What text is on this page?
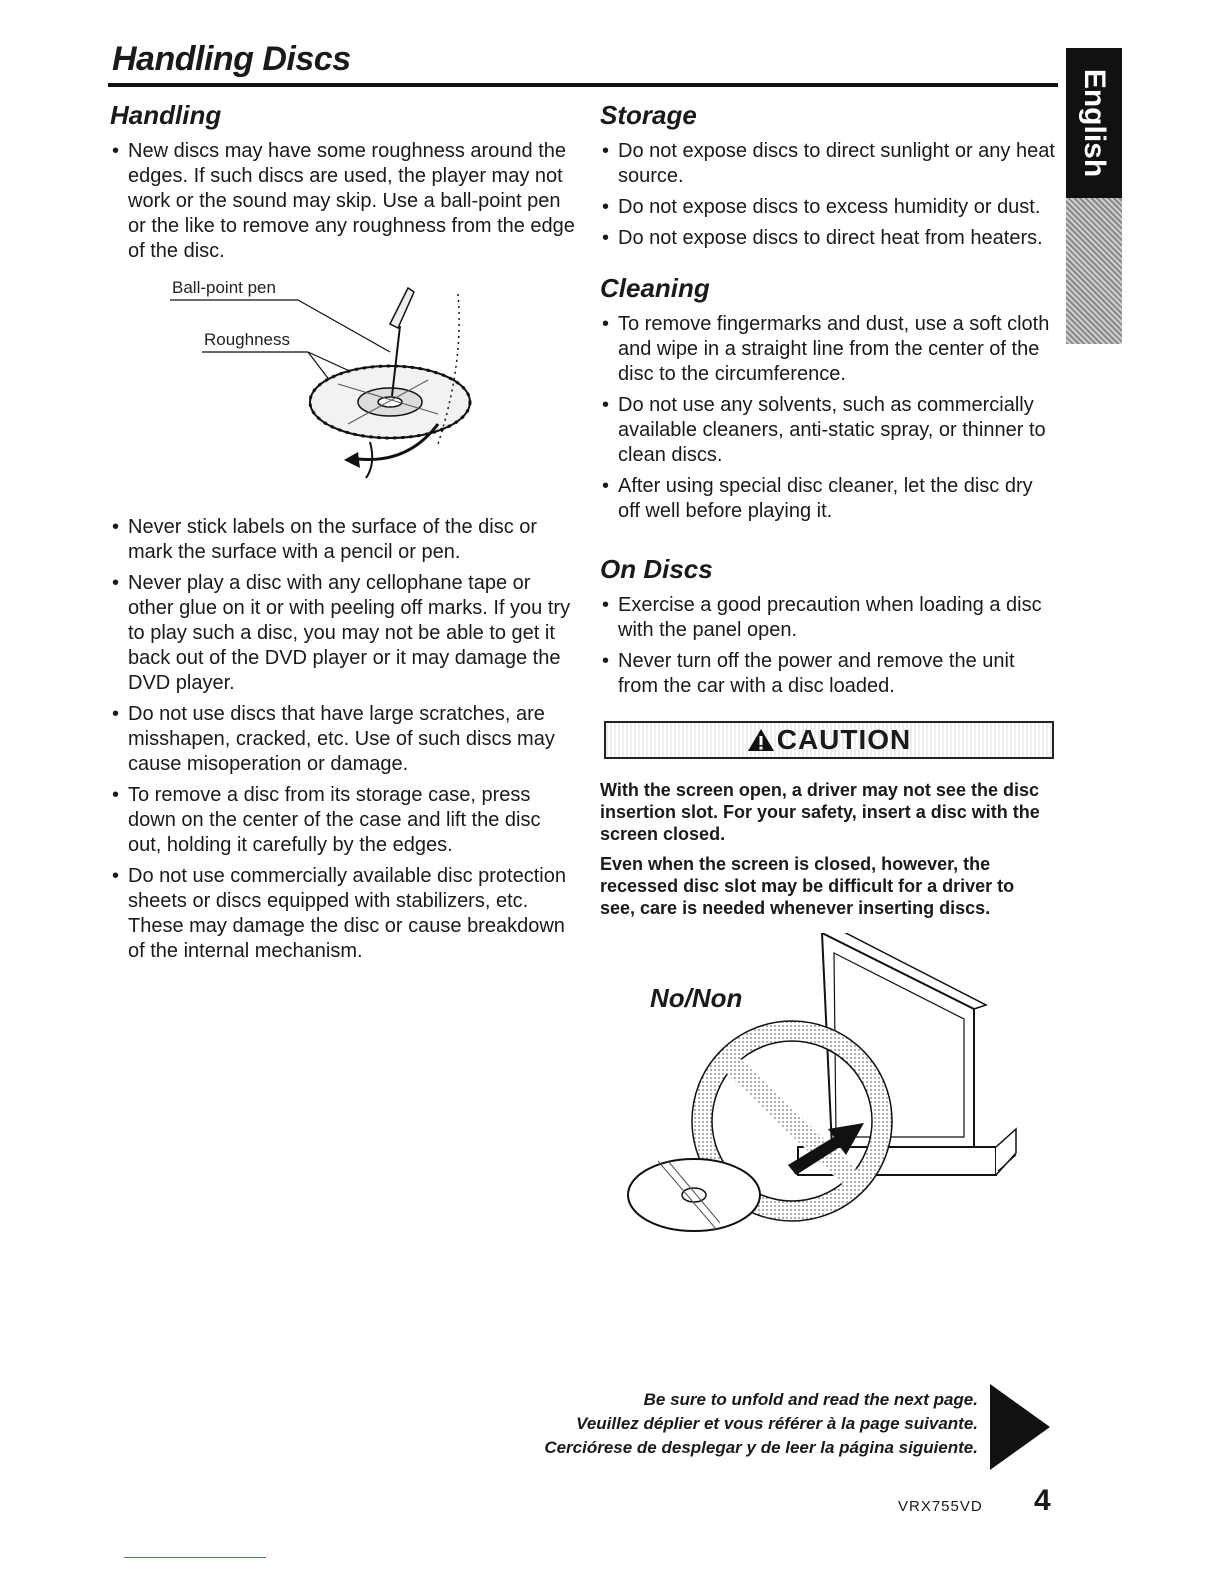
Handling Discs
English
Handling
• New discs may have some roughness around the edges. If such discs are used, the player may not work or the sound may skip. Use a ball-point pen or the like to remove any roughness from the edge of the disc.
Ball-point pen
Roughness
• Never stick labels on the surface of the disc or mark the surface with a pencil or pen.
• Never play a disc with any cellophane tape or other glue on it or with peeling off marks. If you try to play such a disc, you may not be able to get it back out of the DVD player or it may damage the DVD player.
• Do not use discs that have large scratches, are misshapen, cracked, etc. Use of such discs may cause misoperation or damage.
• To remove a disc from its storage case, press down on the center of the case and lift the disc out, holding it carefully by the edges.
• Do not use commercially available disc protection sheets or discs equipped with stabilizers, etc. These may damage the disc or cause breakdown of the internal mechanism.
Storage
• Do not expose discs to direct sunlight or any heat source.
• Do not expose discs to excess humidity or dust.
• Do not expose discs to direct heat from heaters.
Cleaning
• To remove fingermarks and dust, use a soft cloth and wipe in a straight line from the center of the disc to the circumference.
• Do not use any solvents, such as commercially available cleaners, anti-static spray, or thinner to clean discs.
• After using special disc cleaner, let the disc dry off well before playing it.
On Discs
• Exercise a good precaution when loading a disc with the panel open.
• Never turn off the power and remove the unit from the car with a disc loaded.
CAUTION

With the screen open, a driver may not see the disc insertion slot. For your safety, insert a disc with the screen closed.

Even when the screen is closed, however, the recessed disc slot may be difficult for a driver to see, care is needed whenever inserting discs.

No/Non
Be sure to unfold and read the next page.
Veuillez déplier et vous référer à la page suivante.
Cerciórese de desplegar y de leer la página siguiente.
VRX755VD 4
